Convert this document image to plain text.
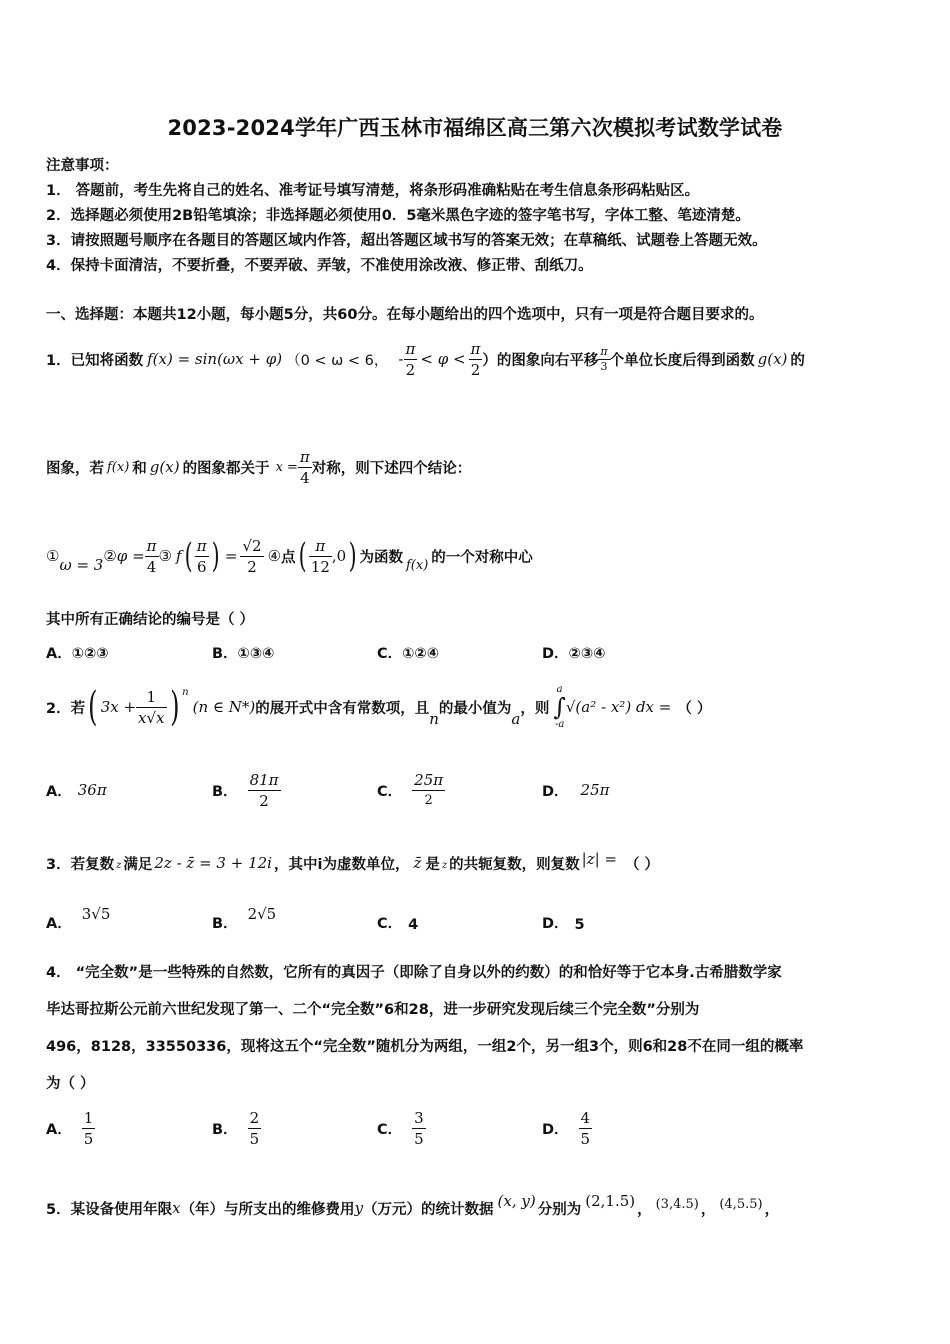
2023-2024学年广西玉林市福绵区高三第六次模拟考试数学试卷
注意事项：
1． 答题前，考生先将自己的姓名、准考证号填写清楚，将条形码准确粘贴在考生信息条形码粘贴区。
2．选择题必须使用2B铅笔填涂；非选择题必须使用0．5毫米黑色字迹的签字笔书写，字体工整、笔迹清楚。
3．请按照题号顺序在各题目的答题区域内作答，超出答题区域书写的答案无效；在草稿纸、试题卷上答题无效。
4．保持卡面清洁，不要折叠，不要弄破、弄皱，不准使用涂改液、修正带、刮纸刀。
一、选择题：本题共12小题，每小题5分，共60分。在每小题给出的四个选项中，只有一项是符合题目要求的。
1．已知将函数 f(x) = sin(ωx + φ) （0 < ω < 6， - $\frac{\pi}{2} < \varphi < \frac{\pi}{2}$ ）的图象向右平移 $\frac{\pi}{3}$ 个单位长度后得到函数 g(x) 的
图象，若 f(x) 和 g(x) 的图象都关于 $x = \frac{\pi}{4}$ 对称，则下述四个结论：
① ω = 3 ② $\varphi = \frac{\pi}{4}$ ③ f ( $\frac{\pi}{6}$ ) = $\frac{√2}{2}$ ④ 点 ( $\frac{\pi}{12} ,0$ ) 为函数 f(x) 的一个对称中心
其中所有正确结论的编号是（ ）
A．①②③	B．①③④	C．①②④	D．②③④
2．若 ( $3x + \frac{1}{x√x}$ ) n
(n ∈ N*) 的展开式中含有常数项，且
n
的最小值为
a
，则
a
∫
-a
√(a² - x²) dx = （ ）
A． 36π	B． $\frac{81\pi}{2}$	C． $\frac{25\pi}{2}$	D． 25π
3．若复数 z 满足 2z - z̄ = 3 + 12i ，其中i为虚数单位， z̄ 是 z 的共轭复数，则复数 |z| = （ ）
A．
3√5
B．
2√5
C． 4	D． 5
4． “完全数”是一些特殊的自然数，它所有的真因子（即除了自身以外的约数）的和恰好等于它本身.古希腊数学家
毕达哥拉斯公元前六世纪发现了第一、二个“完全数”6和28，进一步研究发现后续三个完全数”分别为
496，8128，33550336，现将这五个“完全数”随机分为两组，一组2个，另一组3个，则6和28不在同一组的概率
为（ ）
A． $\frac{1}{5}$	B． $\frac{2}{5}$	C． $\frac{3}{5}$	D． $\frac{4}{5}$
5．某设备使用年限 x （年）与所支出的维修费用 y （万元）的统计数据 (x, y) 分别为 (2,1.5) ， (3,4.5) ， (4,5.5) ，
